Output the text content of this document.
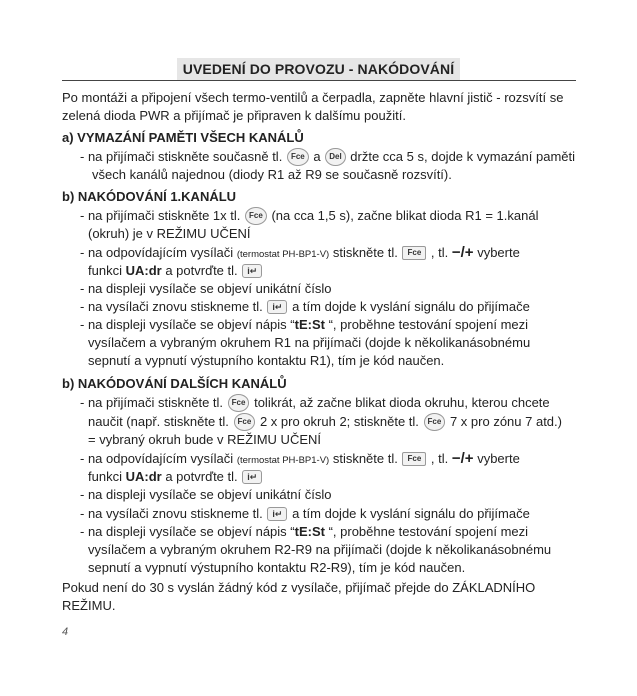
UVEDENÍ DO PROVOZU - NAKÓDOVÁNÍ
Po montáži a připojení všech termo-ventilů a čerpadla, zapněte hlavní jistič - rozsvítí se
zelená dioda PWR a přijímač je připraven k dalšímu použití.
a) VYMAZÁNÍ PAMĚTI VŠECH KANÁLŮ
- na přijímači stiskněte současně tl. Fce a Del držte cca 5 s, dojde k vymazání paměti
všech kanálů najednou (diody R1 až R9 se současně rozsvítí).
b) NAKÓDOVÁNÍ 1.KANÁLU
- na přijímači stiskněte 1x tl. Fce (na cca 1,5 s), začne blikat dioda R1 = 1.kanál
(okruh) je v REŽIMU UČENÍ
- na odpovídajícím vysílači (termostat PH-BP1-V) stiskněte tl. Fce , tl. −/+ vyberte
funkci UA:dr a potvrďte tl. i↵
- na displeji vysílače se objeví unikátní číslo
- na vysílači znovu stiskneme tl. i↵ a tím dojde k vyslání signálu do přijímače
- na displeji vysílače se objeví nápis “tE:St “, proběhne testování spojení mezi
vysílačem a vybraným okruhem R1 na přijímači (dojde k několikanásobnému
sepnutí a vypnutí výstupního kontaktu R1), tím je kód naučen.
b) NAKÓDOVÁNÍ DALŠÍCH KANÁLŮ
- na přijímači stiskněte tl. Fce tolikrát, až začne blikat dioda okruhu, kterou chcete
naučit (např. stiskněte tl. Fce 2 x pro okruh 2; stiskněte tl. Fce 7 x pro zónu 7 atd.)
= vybraný okruh bude v REŽIMU UČENÍ
- na odpovídajícím vysílači (termostat PH-BP1-V) stiskněte tl. Fce , tl. −/+ vyberte
funkci UA:dr a potvrďte tl. i↵
- na displeji vysílače se objeví unikátní číslo
- na vysílači znovu stiskneme tl. i↵ a tím dojde k vyslání signálu do přijímače
- na displeji vysílače se objeví nápis “tE:St “, proběhne testování spojení mezi
vysílačem a vybraným okruhem R2-R9 na přijímači (dojde k několikanásobnému
sepnutí a vypnutí výstupního kontaktu R2-R9), tím je kód naučen.
Pokud není do 30 s vyslán žádný kód z vysílače, přijímač přejde do ZÁKLADNÍHO
REŽIMU.
4
